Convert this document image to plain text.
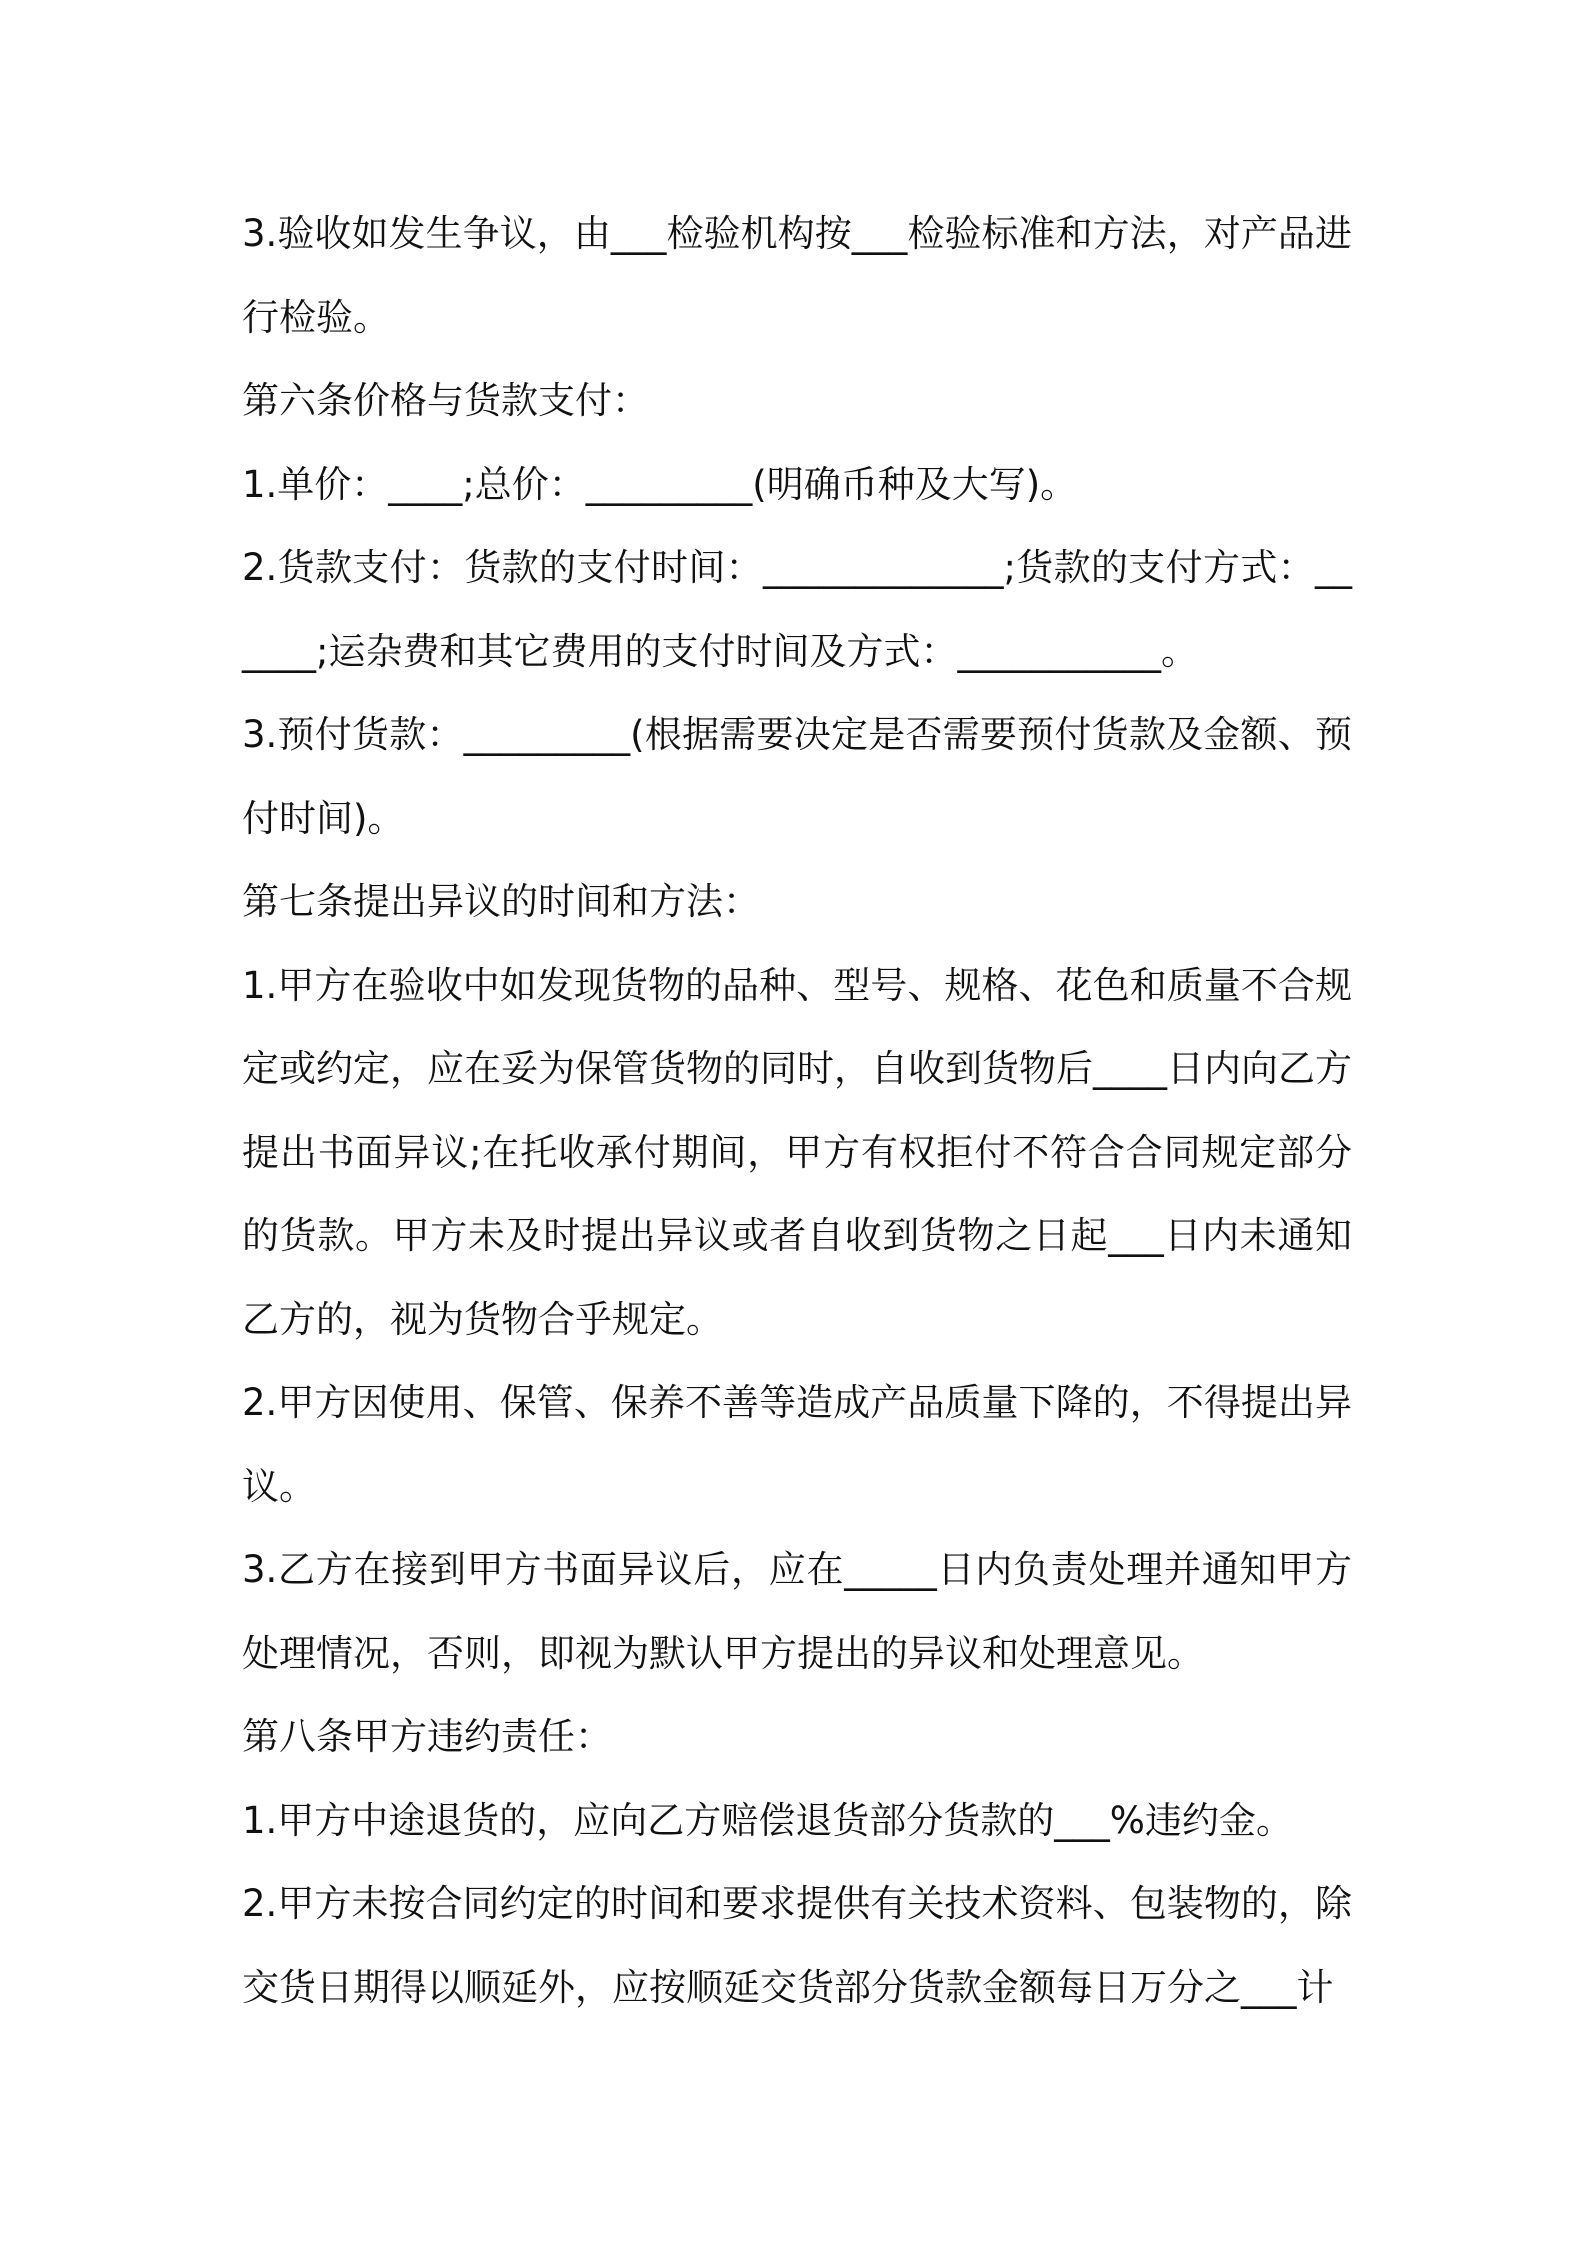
3.验收如发生争议，由___检验机构按___检验标准和方法，对产品进行检验。

第六条价格与货款支付：

1.单价：____;总价：_________(明确币种及大写)。

2.货款支付：货款的支付时间：_____________;货款的支付方式：______;运杂费和其它费用的支付时间及方式：___________。

3.预付货款：_________(根据需要决定是否需要预付货款及金额、预付时间)。

第七条提出异议的时间和方法：

1.甲方在验收中如发现货物的品种、型号、规格、花色和质量不合规定或约定，应在妥为保管货物的同时，自收到货物后____日内向乙方提出书面异议;在托收承付期间，甲方有权拒付不符合合同规定部分的货款。甲方未及时提出异议或者自收到货物之日起___日内未通知乙方的，视为货物合乎规定。

2.甲方因使用、保管、保养不善等造成产品质量下降的，不得提出异议。

3.乙方在接到甲方书面异议后，应在_____日内负责处理并通知甲方处理情况，否则，即视为默认甲方提出的异议和处理意见。

第八条甲方违约责任：

1.甲方中途退货的，应向乙方赔偿退货部分货款的___%违约金。

2.甲方未按合同约定的时间和要求提供有关技术资料、包装物的，除交货日期得以顺延外，应按顺延交货部分货款金额每日万分之___计
